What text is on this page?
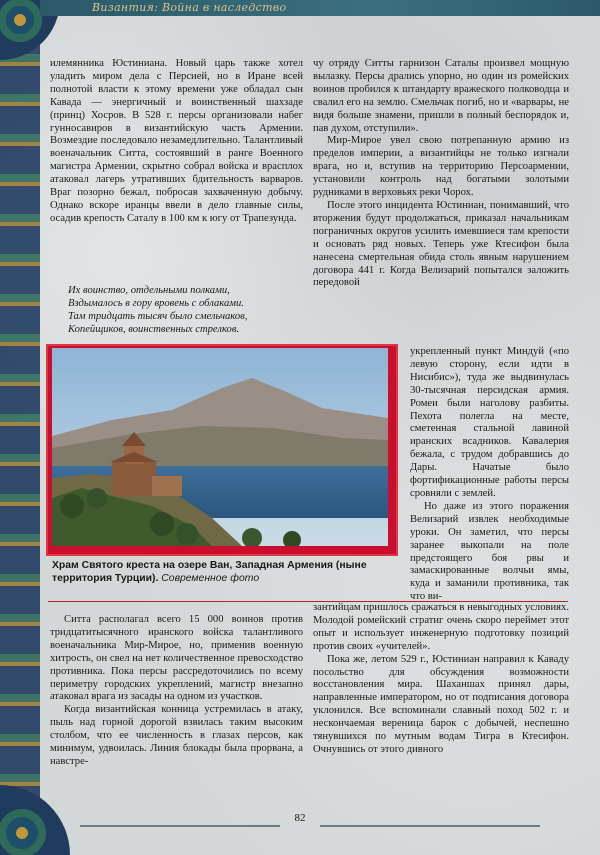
Византия: Война в наследство

илемянника Юстиниана. Новый царь также хотел уладить миром дела с Персией, но в Иране всей полнотой власти к этому времени уже обладал сын Кавада — энергичный и воинственный шахзаде (принц) Хосров. В 528 г. персы организовали набег гунносавиров в византийскую часть Армении. Возмездие последовало незамедлительно. Талантливый военачальник Ситта, состоявший в ранге Военного магистра Армении, скрытно собрал войска и врасплох атаковал лагерь утративших бдительность варваров. Враг позорно бежал, побросав захваченную добычу. Однако вскоре иранцы ввели в дело главные силы, осадив крепость Саталу в 100 км к югу от Трапезунда.

Их воинство, отдельными полками,
Вздымалось в гору вровень с облаками.
Там тридцать тысяч было смельчаков,
Копейщиков, воинственных стрелков.

чу отряду Ситты гарнизон Саталы произвел мощную вылазку. Персы дрались упорно, но один из ромейских воинов пробился к штандарту вражеского полководца и свалил его на землю. Смельчак погиб, но и «варвары, не видя больше знамени, пришли в полный беспорядок и, пав духом, отступили».

Мир-Мироe увел свою потрепанную армию из пределов империи, а византийцы не только изгнали врага, но и, вступив на территорию Персоармении, установили контроль над богатыми золотыми рудниками в верховьях реки Чорох.

После этого инцидента Юстиниан, понимавший, что вторжения будут продолжаться, приказал начальникам пограничных округов усилить имевшиеся там крепости и основать ряд новых. Теперь уже Ктесифон была нанесена смертельная обида столь явным нарушением договора 441 г. Когда Велизарий попытался заложить передовой

Храм Святого креста на озере Ван, Западная Армения (ныне территория Турции). Современное фото

укрепленный пункт Миндуй («по левую сторону, если идти в Нисибис»), туда же выдвинулась 30-тысячная персидская армия. Ромеи были наголову разбиты. Пехота полегла на месте, сметенная стальной лавиной иранских всадников. Кавалерия бежала, с трудом добравшись до Дары. Начатые было фортификационные работы персы сровняли с землей.

Но даже из этого поражения Велизарий извлек необходимые уроки. Он заметил, что персы заранее выкопали на поле предстоящего боя рвы и замаскированные волчьи ямы, куда и заманили противника, так что ви-

Ситта располагал всего 15 000 воинов против тридцатитысячного иранского войска талантливого военачальника Мир-Мироe, но, применив военную хитрость, он свел на нет количественное превосходство противника. Пока персы рассредоточились по всему периметру городских укреплений, магистр внезапно атаковал врага из засады на одном из участков.

Когда византийская конница устремилась в атаку, пыль над горной дорогой взвилась таким высоким столбом, что ее численность в глазах персов, как минимум, удвоилась. Линия блокады была прорвана, а навстре-

зантийцам пришлось сражаться в невыгодных условиях. Молодой ромейский стратиг очень скоро переймет этот опыт и использует инженерную подготовку позиций против своих «учителей».

Пока же, летом 529 г., Юстиниан направил к Каваду посольство для обсуждения возможности восстановления мира. Шаханшах принял дары, направленные императором, но от подписания договора уклонился. Все вспоминали славный поход 502 г. и нескончаемая вереница барок с добычей, неспешно тянувшихся по мутным водам Тигра в Ктесифон. Очнувшись от этого дивного

82
